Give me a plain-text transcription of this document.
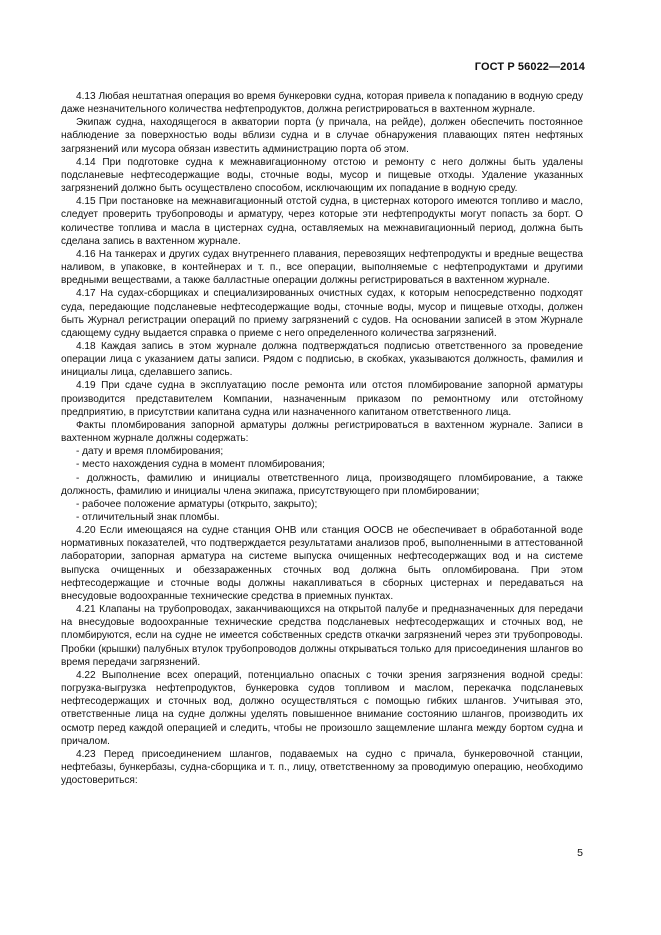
ГОСТ Р 56022—2014

4.13 Любая нештатная операция во время бункеровки судна, которая привела к попаданию в водную среду даже незначительного количества нефтепродуктов, должна регистрироваться в вахтенном журнале.

Экипаж судна, находящегося в акватории порта (у причала, на рейде), должен обеспечить постоянное наблюдение за поверхностью воды вблизи судна и в случае обнаружения плавающих пятен нефтяных загрязнений или мусора обязан известить администрацию порта об этом.

4.14 При подготовке судна к межнавигационному отстою и ремонту с него должны быть удалены подсланевые нефтесодержащие воды, сточные воды, мусор и пищевые отходы. Удаление указанных загрязнений должно быть осуществлено способом, исключающим их попадание в водную среду.

4.15 При постановке на межнавигационный отстой судна, в цистернах которого имеются топливо и масло, следует проверить трубопроводы и арматуру, через которые эти нефтепродукты могут попасть за борт. О количестве топлива и масла в цистернах судна, оставляемых на межнавигационный период, должна быть сделана запись в вахтенном журнале.

4.16 На танкерах и других судах внутреннего плавания, перевозящих нефтепродукты и вредные вещества наливом, в упаковке, в контейнерах и т. п., все операции, выполняемые с нефтепродуктами и другими вредными веществами, а также балластные операции должны регистрироваться в вахтенном журнале.

4.17 На судах-сборщиках и специализированных очистных судах, к которым непосредственно подходят суда, передающие подсланевые нефтесодержащие воды, сточные воды, мусор и пищевые отходы, должен быть Журнал регистрации операций по приему загрязнений с судов. На основании записей в этом Журнале сдающему судну выдается справка о приеме с него определенного количества загрязнений.

4.18 Каждая запись в этом журнале должна подтверждаться подписью ответственного за проведение операции лица с указанием даты записи. Рядом с подписью, в скобках, указываются должность, фамилия и инициалы лица, сделавшего запись.

4.19 При сдаче судна в эксплуатацию после ремонта или отстоя пломбирование запорной арматуры производится представителем Компании, назначенным приказом по ремонтному или отстойному предприятию, в присутствии капитана судна или назначенного капитаном ответственного лица.

Факты пломбирования запорной арматуры должны регистрироваться в вахтенном журнале. Записи в вахтенном журнале должны содержать:

- дату и время пломбирования;

- место нахождения судна в момент пломбирования;

- должность, фамилию и инициалы ответственного лица, производящего пломбирование, а также должность, фамилию и инициалы члена экипажа, присутствующего при пломбировании;

- рабочее положение арматуры (открыто, закрыто);

- отличительный знак пломбы.

4.20 Если имеющаяся на судне станция ОНВ или станция ООСВ не обеспечивает в обработанной воде нормативных показателей, что подтверждается результатами анализов проб, выполненными в аттестованной лаборатории, запорная арматура на системе выпуска очищенных нефтесодержащих вод и на системе выпуска очищенных и обеззараженных сточных вод должна быть опломбирована. При этом нефтесодержащие и сточные воды должны накапливаться в сборных цистернах и передаваться на внесудовые водоохранные технические средства в приемных пунктах.

4.21 Клапаны на трубопроводах, заканчивающихся на открытой палубе и предназначенных для передачи на внесудовые водоохранные технические средства подсланевых нефтесодержащих и сточных вод, не пломбируются, если на судне не имеется собственных средств откачки загрязнений через эти трубопроводы. Пробки (крышки) палубных втулок трубопроводов должны открываться только для присоединения шлангов во время передачи загрязнений.

4.22 Выполнение всех операций, потенциально опасных с точки зрения загрязнения водной среды: погрузка-выгрузка нефтепродуктов, бункеровка судов топливом и маслом, перекачка подсланевых нефтесодержащих и сточных вод, должно осуществляться с помощью гибких шлангов. Учитывая это, ответственные лица на судне должны уделять повышенное внимание состоянию шлангов, производить их осмотр перед каждой операцией и следить, чтобы не произошло защемление шланга между бортом судна и причалом.

4.23 Перед присоединением шлангов, подаваемых на судно с причала, бункеровочной станции, нефтебазы, бункербазы, судна-сборщика и т. п., лицу, ответственному за проводимую операцию, необходимо удостовериться:

5
